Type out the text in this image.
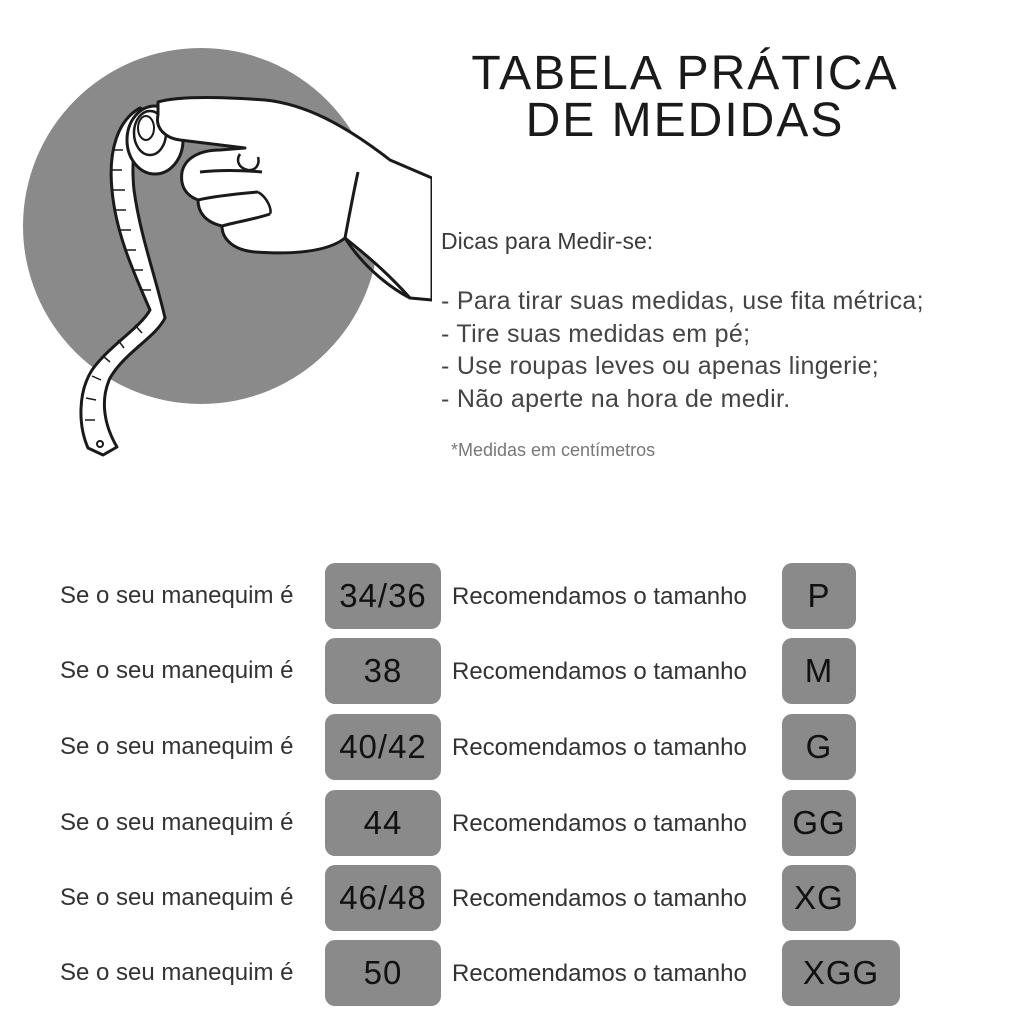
TABELA PRÁTICA
DE MEDIDAS
Dicas para Medir-se:
- Para tirar suas medidas, use fita métrica;
- Tire suas medidas em pé;
- Use roupas leves ou apenas lingerie;
- Não aperte na hora de medir.
*Medidas em centímetros
Se o seu manequim é	34/36	Recomendamos o tamanho	P
Se o seu manequim é	38	Recomendamos o tamanho	M
Se o seu manequim é	40/42	Recomendamos o tamanho	G
Se o seu manequim é	44	Recomendamos o tamanho	GG
Se o seu manequim é	46/48	Recomendamos o tamanho	XG
Se o seu manequim é	50	Recomendamos o tamanho	XGG
